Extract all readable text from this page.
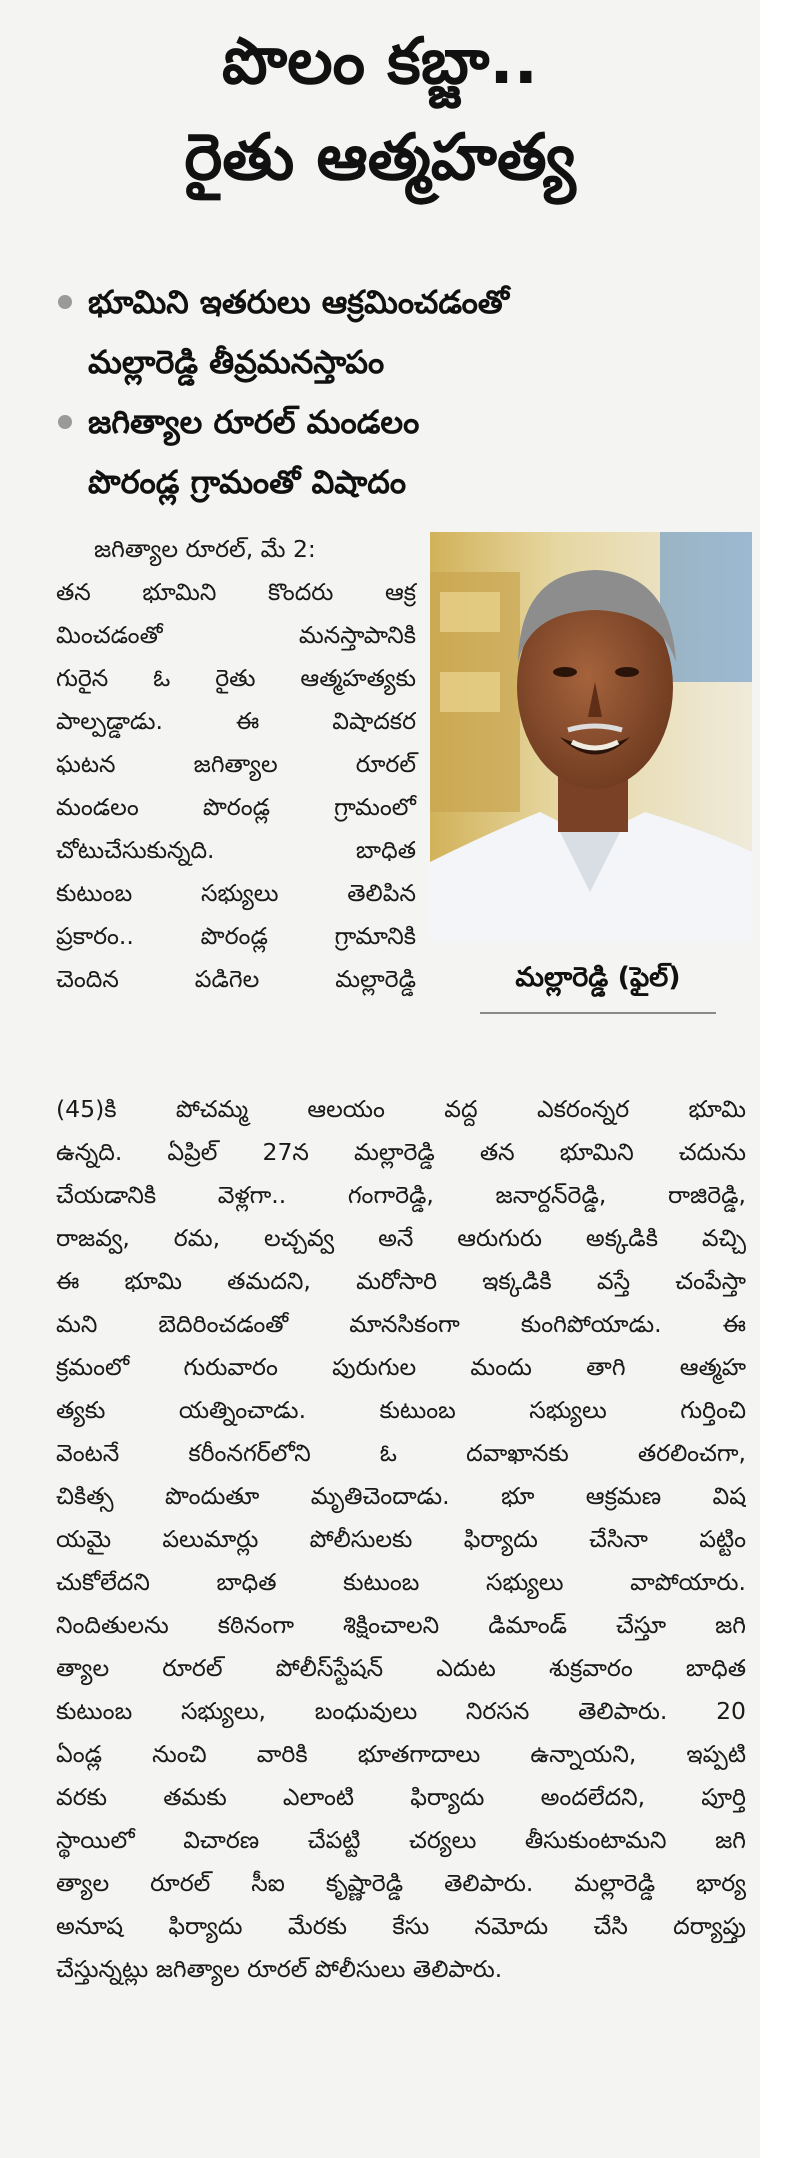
పొలం కబ్జా..
రైతు ఆత్మహత్య
భూమిని ఇతరులు ఆక్రమించడంతో
మల్లారెడ్డి తీవ్రమనస్తాపం
జగిత్యాల రూరల్ మండలం
పొరండ్ల గ్రామంతో విషాదం
జగిత్యాల రూరల్, మే 2:
తన భూమిని కొందరు ఆక్ర
మించడంతో మనస్తాపానికి
గురైన ఓ రైతు ఆత్మహత్యకు
పాల్పడ్డాడు. ఈ విషాదకర
ఘటన జగిత్యాల రూరల్
మండలం పొరండ్ల గ్రామంలో
చోటుచేసుకున్నది. బాధిత
కుటుంబ సభ్యులు తెలిపిన
ప్రకారం.. పొరండ్ల గ్రామానికి
చెందిన పడిగెల మల్లారెడ్డి	మల్లారెడ్డి (ఫైల్)
(45)కి పోచమ్మ ఆలయం వద్ద ఎకరంన్నర భూమి
ఉన్నది. ఏప్రిల్ 27న మల్లారెడ్డి తన భూమిని చదును
చేయడానికి వెళ్లగా.. గంగారెడ్డి, జనార్దన్‌రెడ్డి, రాజిరెడ్డి,
రాజవ్వ, రమ, లచ్చవ్వ అనే ఆరుగురు అక్కడికి వచ్చి
ఈ భూమి తమదని, మరోసారి ఇక్కడికి వస్తే చంపేస్తా
మని బెదిరించడంతో మానసికంగా కుంగిపోయాడు. ఈ
క్రమంలో గురువారం పురుగుల మందు తాగి ఆత్మహ
త్యకు యత్నించాడు. కుటుంబ సభ్యులు గుర్తించి
వెంటనే కరీంనగర్‌లోని ఓ దవాఖానకు తరలించగా,
చికిత్స పొందుతూ మృతిచెందాడు. భూ ఆక్రమణ విష
యమై పలుమార్లు పోలీసులకు ఫిర్యాదు చేసినా పట్టిం
చుకోలేదని బాధిత కుటుంబ సభ్యులు వాపోయారు.
నిందితులను కఠినంగా శిక్షించాలని డిమాండ్ చేస్తూ జగి
త్యాల రూరల్ పోలీస్‌స్టేషన్ ఎదుట శుక్రవారం బాధిత
కుటుంబ సభ్యులు, బంధువులు నిరసన తెలిపారు. 20
ఏండ్ల నుంచి వారికి భూతగాదాలు ఉన్నాయని, ఇప్పటి
వరకు తమకు ఎలాంటి ఫిర్యాదు అందలేదని, పూర్తి
స్థాయిలో విచారణ చేపట్టి చర్యలు తీసుకుంటామని జగి
త్యాల రూరల్ సీఐ కృష్ణారెడ్డి తెలిపారు. మల్లారెడ్డి భార్య
అనూష ఫిర్యాదు మేరకు కేసు నమోదు చేసి దర్యాప్తు
చేస్తున్నట్లు జగిత్యాల రూరల్ పోలీసులు తెలిపారు.
